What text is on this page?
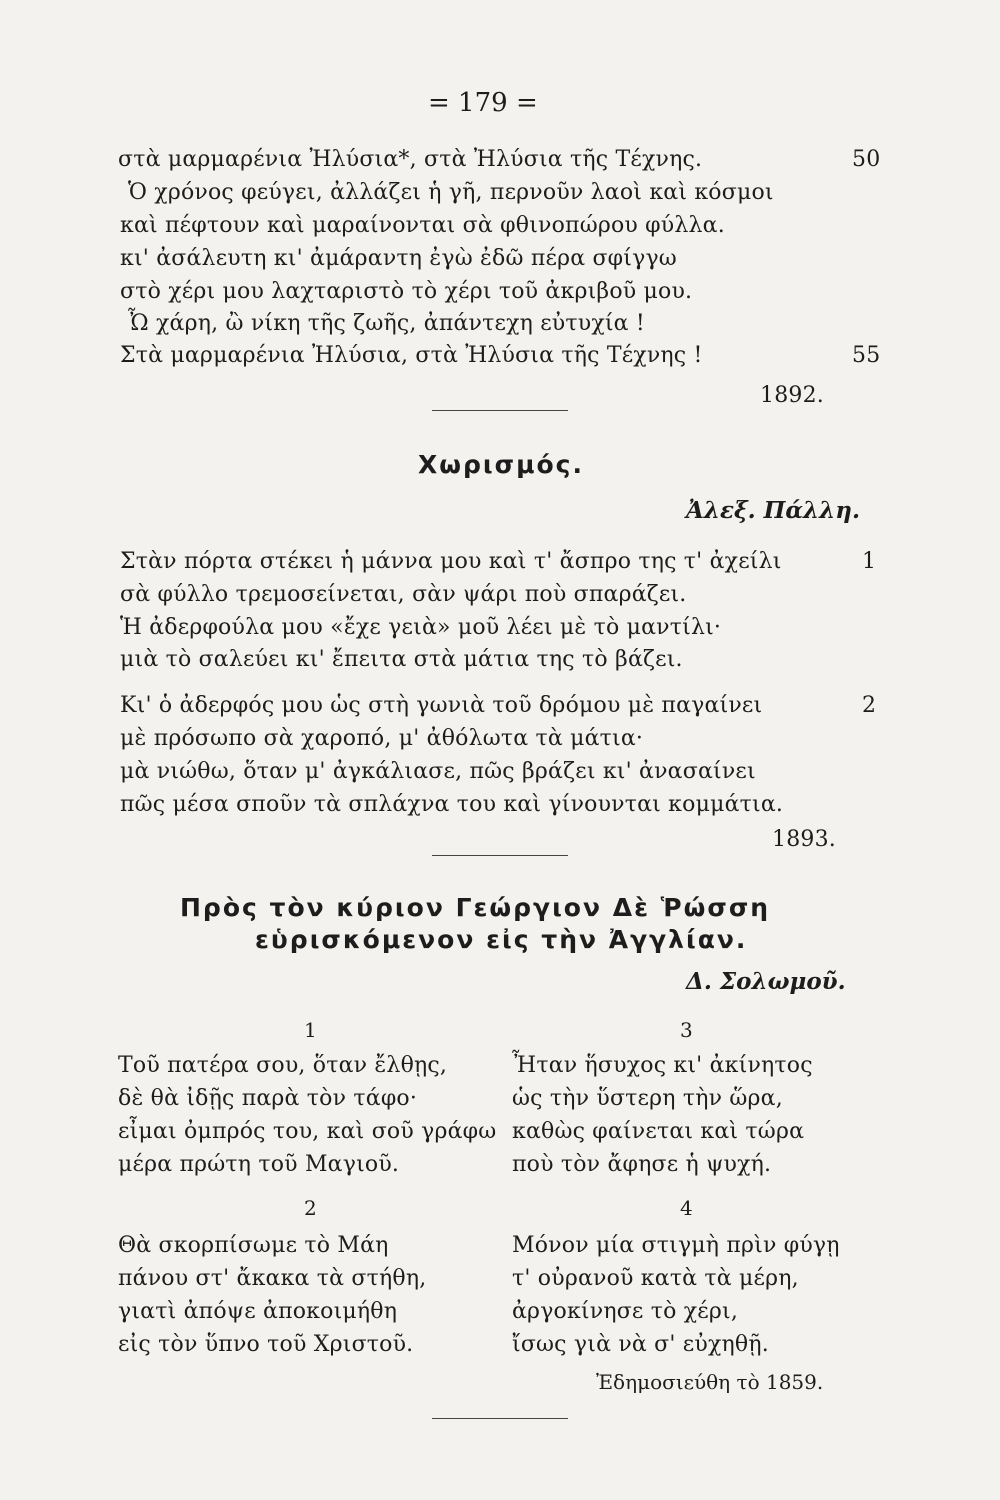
= 179 =
στὰ μαρμαρένια Ἠλύσια*, στὰ Ἠλύσια τῆς Τέχνης.	50
Ὁ χρόνος φεύγει, ἀλλάζει ἡ γῆ, περνοῦν λαοὶ καὶ κόσμοι
καὶ πέφτουν καὶ μαραίνονται σὰ φθινοπώρου φύλλα.
κι' ἀσάλευτη κι' ἀμάραντη ἐγὼ ἐδῶ πέρα σφίγγω
στὸ χέρι μου λαχταριστὸ τὸ χέρι τοῦ ἀκριβοῦ μου.
Ὦ χάρη, ὢ νίκη τῆς ζωῆς, ἀπάντεχη εὐτυχία !
Στὰ μαρμαρένια Ἠλύσια, στὰ Ἠλύσια τῆς Τέχνης !	55
1892.
Χωρισμός.
Ἀλεξ. Πάλλη.
Στὰν πόρτα στέκει ἡ μάννα μου καὶ τ' ἄσπρο της τ' ἀχείλι	1
σὰ φύλλο τρεμοσείνεται, σὰν ψάρι ποὺ σπαράζει.
Ἡ ἀδερφούλα μου «ἔχε γειὰ» μοῦ λέει μὲ τὸ μαντίλι·
μιὰ τὸ σαλεύει κι' ἔπειτα στὰ μάτια της τὸ βάζει.
Κι' ὁ ἀδερφός μου ὡς στὴ γωνιὰ τοῦ δρόμου μὲ παγαίνει	2
μὲ πρόσωπο σὰ χαροπό, μ' ἀθόλωτα τὰ μάτια·
μὰ νιώθω, ὅταν μ' ἀγκάλιασε, πῶς βράζει κι' ἀνασαίνει
πῶς μέσα σποῦν τὰ σπλάχνα του καὶ γίνουνται κομμάτια.
1893.
Πρὸς τὸν κύριον Γεώργιον Δὲ Ῥώσση
εὑρισκόμενον εἰς τὴν Ἀγγλίαν.
Δ. Σολωμοῦ.
1
Τοῦ πατέρα σου, ὅταν ἔλθῃς,
δὲ θὰ ἰδῇς παρὰ τὸν τάφο·
εἶμαι ὀμπρός του, καὶ σοῦ γράφω
μέρα πρώτη τοῦ Μαγιοῦ.
2
Θὰ σκορπίσωμε τὸ Μάη
πάνου στ' ἄκακα τὰ στήθη,
γιατὶ ἀπόψε ἀποκοιμήθη
εἰς τὸν ὕπνο τοῦ Χριστοῦ.
3
Ἦταν ἥσυχος κι' ἀκίνητος
ὡς τὴν ὕστερη τὴν ὥρα,
καθὼς φαίνεται καὶ τώρα
ποὺ τὸν ἄφησε ἡ ψυχή.
4
Μόνον μία στιγμὴ πρὶν φύγῃ
τ' οὐρανοῦ κατὰ τὰ μέρη,
ἀργοκίνησε τὸ χέρι,
ἴσως γιὰ νὰ σ' εὐχηθῇ.
Ἐδημοσιεύθη τὸ 1859.
